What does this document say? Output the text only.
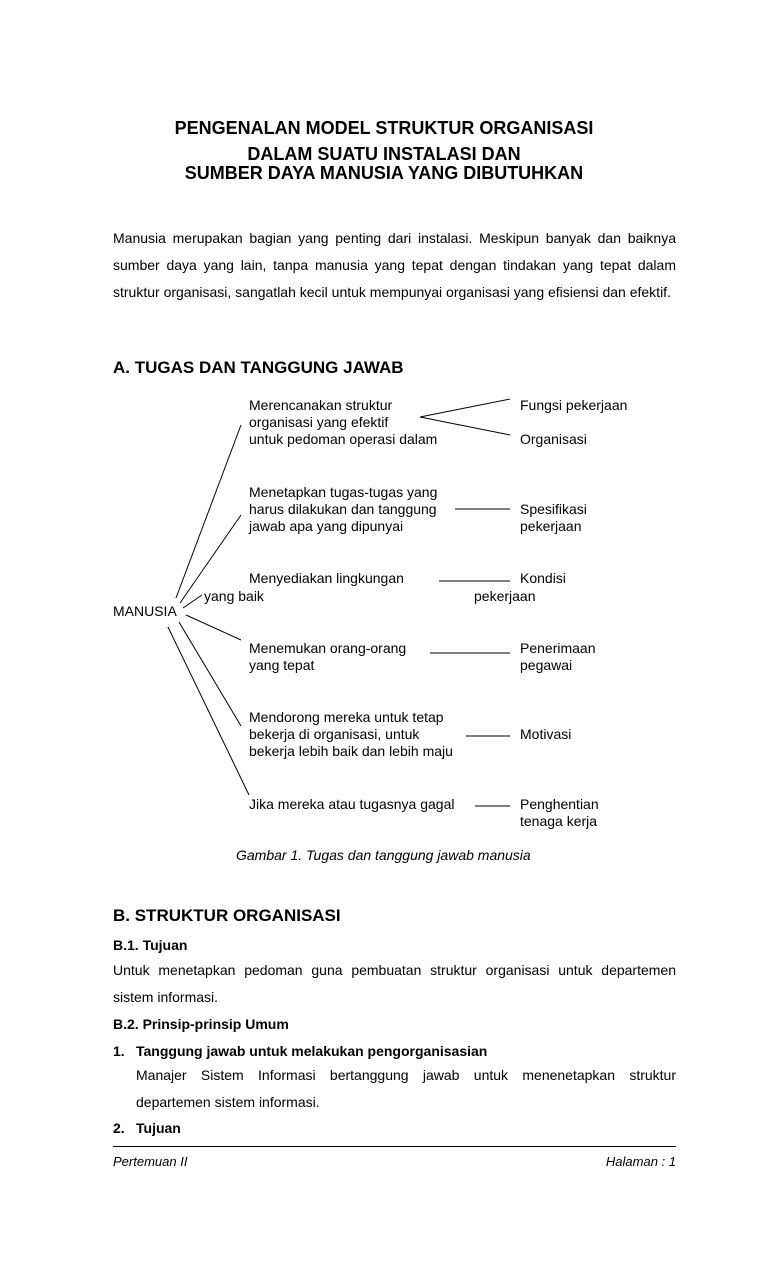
PENGENALAN MODEL STRUKTUR ORGANISASI
DALAM SUATU INSTALASI DAN
SUMBER DAYA MANUSIA YANG DIBUTUHKAN
Manusia merupakan bagian yang penting dari instalasi. Meskipun banyak dan baiknya sumber daya yang lain, tanpa manusia yang tepat dengan tindakan yang tepat dalam struktur organisasi, sangatlah kecil untuk mempunyai organisasi yang efisiensi dan efektif.
A. TUGAS DAN TANGGUNG JAWAB
MANUSIA
Merencanakan struktur
organisasi yang efektif
untuk pedoman operasi dalam
Fungsi pekerjaan
Organisasi
Menetapkan tugas-tugas yang
harus dilakukan dan tanggung
jawab apa yang dipunyai
Spesifikasi
pekerjaan
Menyediakan lingkungan
yang baik
Kondisi
pekerjaan
Menemukan orang-orang
yang tepat
Penerimaan
pegawai
Mendorong mereka untuk tetap
bekerja di organisasi, untuk
bekerja lebih baik dan lebih maju
Motivasi
Jika mereka atau tugasnya gagal	Penghentian
tenaga kerja
Gambar 1. Tugas dan tanggung jawab manusia
B. STRUKTUR ORGANISASI
B.1. Tujuan
Untuk menetapkan pedoman guna pembuatan struktur organisasi untuk departemen sistem informasi.
B.2. Prinsip-prinsip Umum
1. Tanggung jawab untuk melakukan pengorganisasian
Manajer Sistem Informasi bertanggung jawab untuk menenetapkan struktur departemen sistem informasi.
2. Tujuan
Pertemuan II	Halaman : 1
